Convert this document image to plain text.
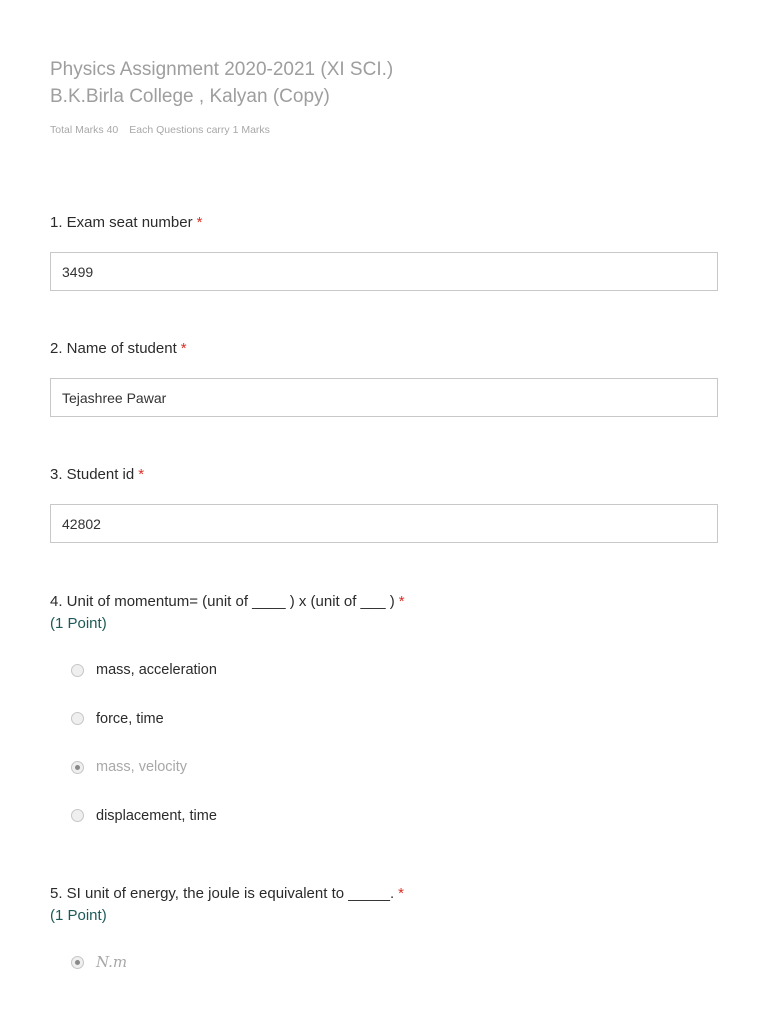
Physics Assignment 2020-2021 (XI SCI.)
B.K.Birla College , Kalyan (Copy)
Total Marks 40 Each Questions carry 1 Marks
1. Exam seat number *
3499
2. Name of student *
Tejashree Pawar
3. Student id *
42802
4. Unit of momentum= (unit of ____ ) x (unit of ___ ) *
(1 Point)
mass, acceleration
force, time
mass, velocity
displacement, time
5. SI unit of energy, the joule is equivalent to _____. *
(1 Point)
N.m
